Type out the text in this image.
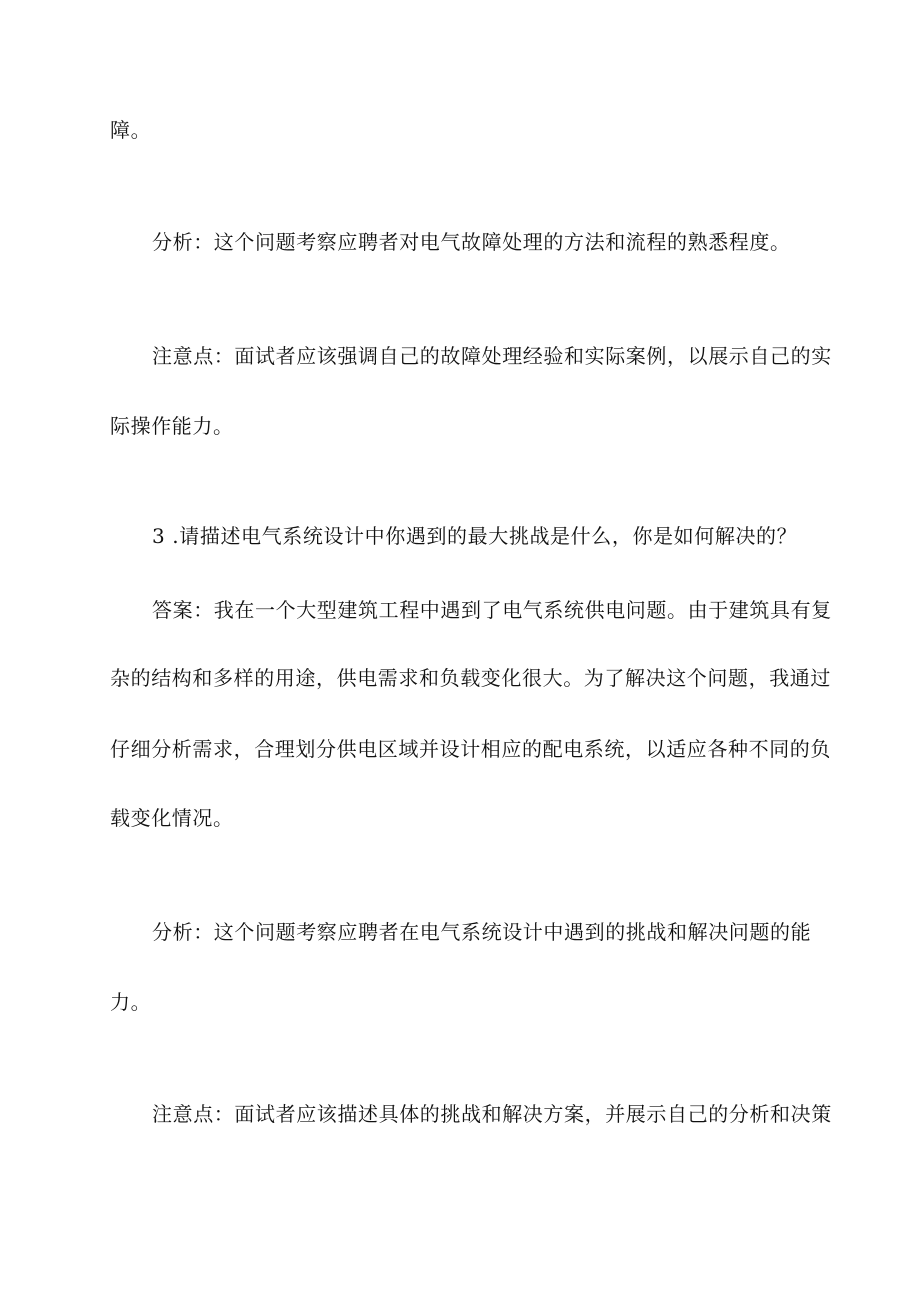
障。
分析：这个问题考察应聘者对电气故障处理的方法和流程的熟悉程度。
注意点：面试者应该强调自己的故障处理经验和实际案例，以展示自己的实
际操作能力。
3 .请描述电气系统设计中你遇到的最大挑战是什么，你是如何解决的？
答案：我在一个大型建筑工程中遇到了电气系统供电问题。由于建筑具有复
杂的结构和多样的用途，供电需求和负载变化很大。为了解决这个问题，我通过
仔细分析需求，合理划分供电区域并设计相应的配电系统，以适应各种不同的负
载变化情况。
分析：这个问题考察应聘者在电气系统设计中遇到的挑战和解决问题的能
力。
注意点：面试者应该描述具体的挑战和解决方案，并展示自己的分析和决策
